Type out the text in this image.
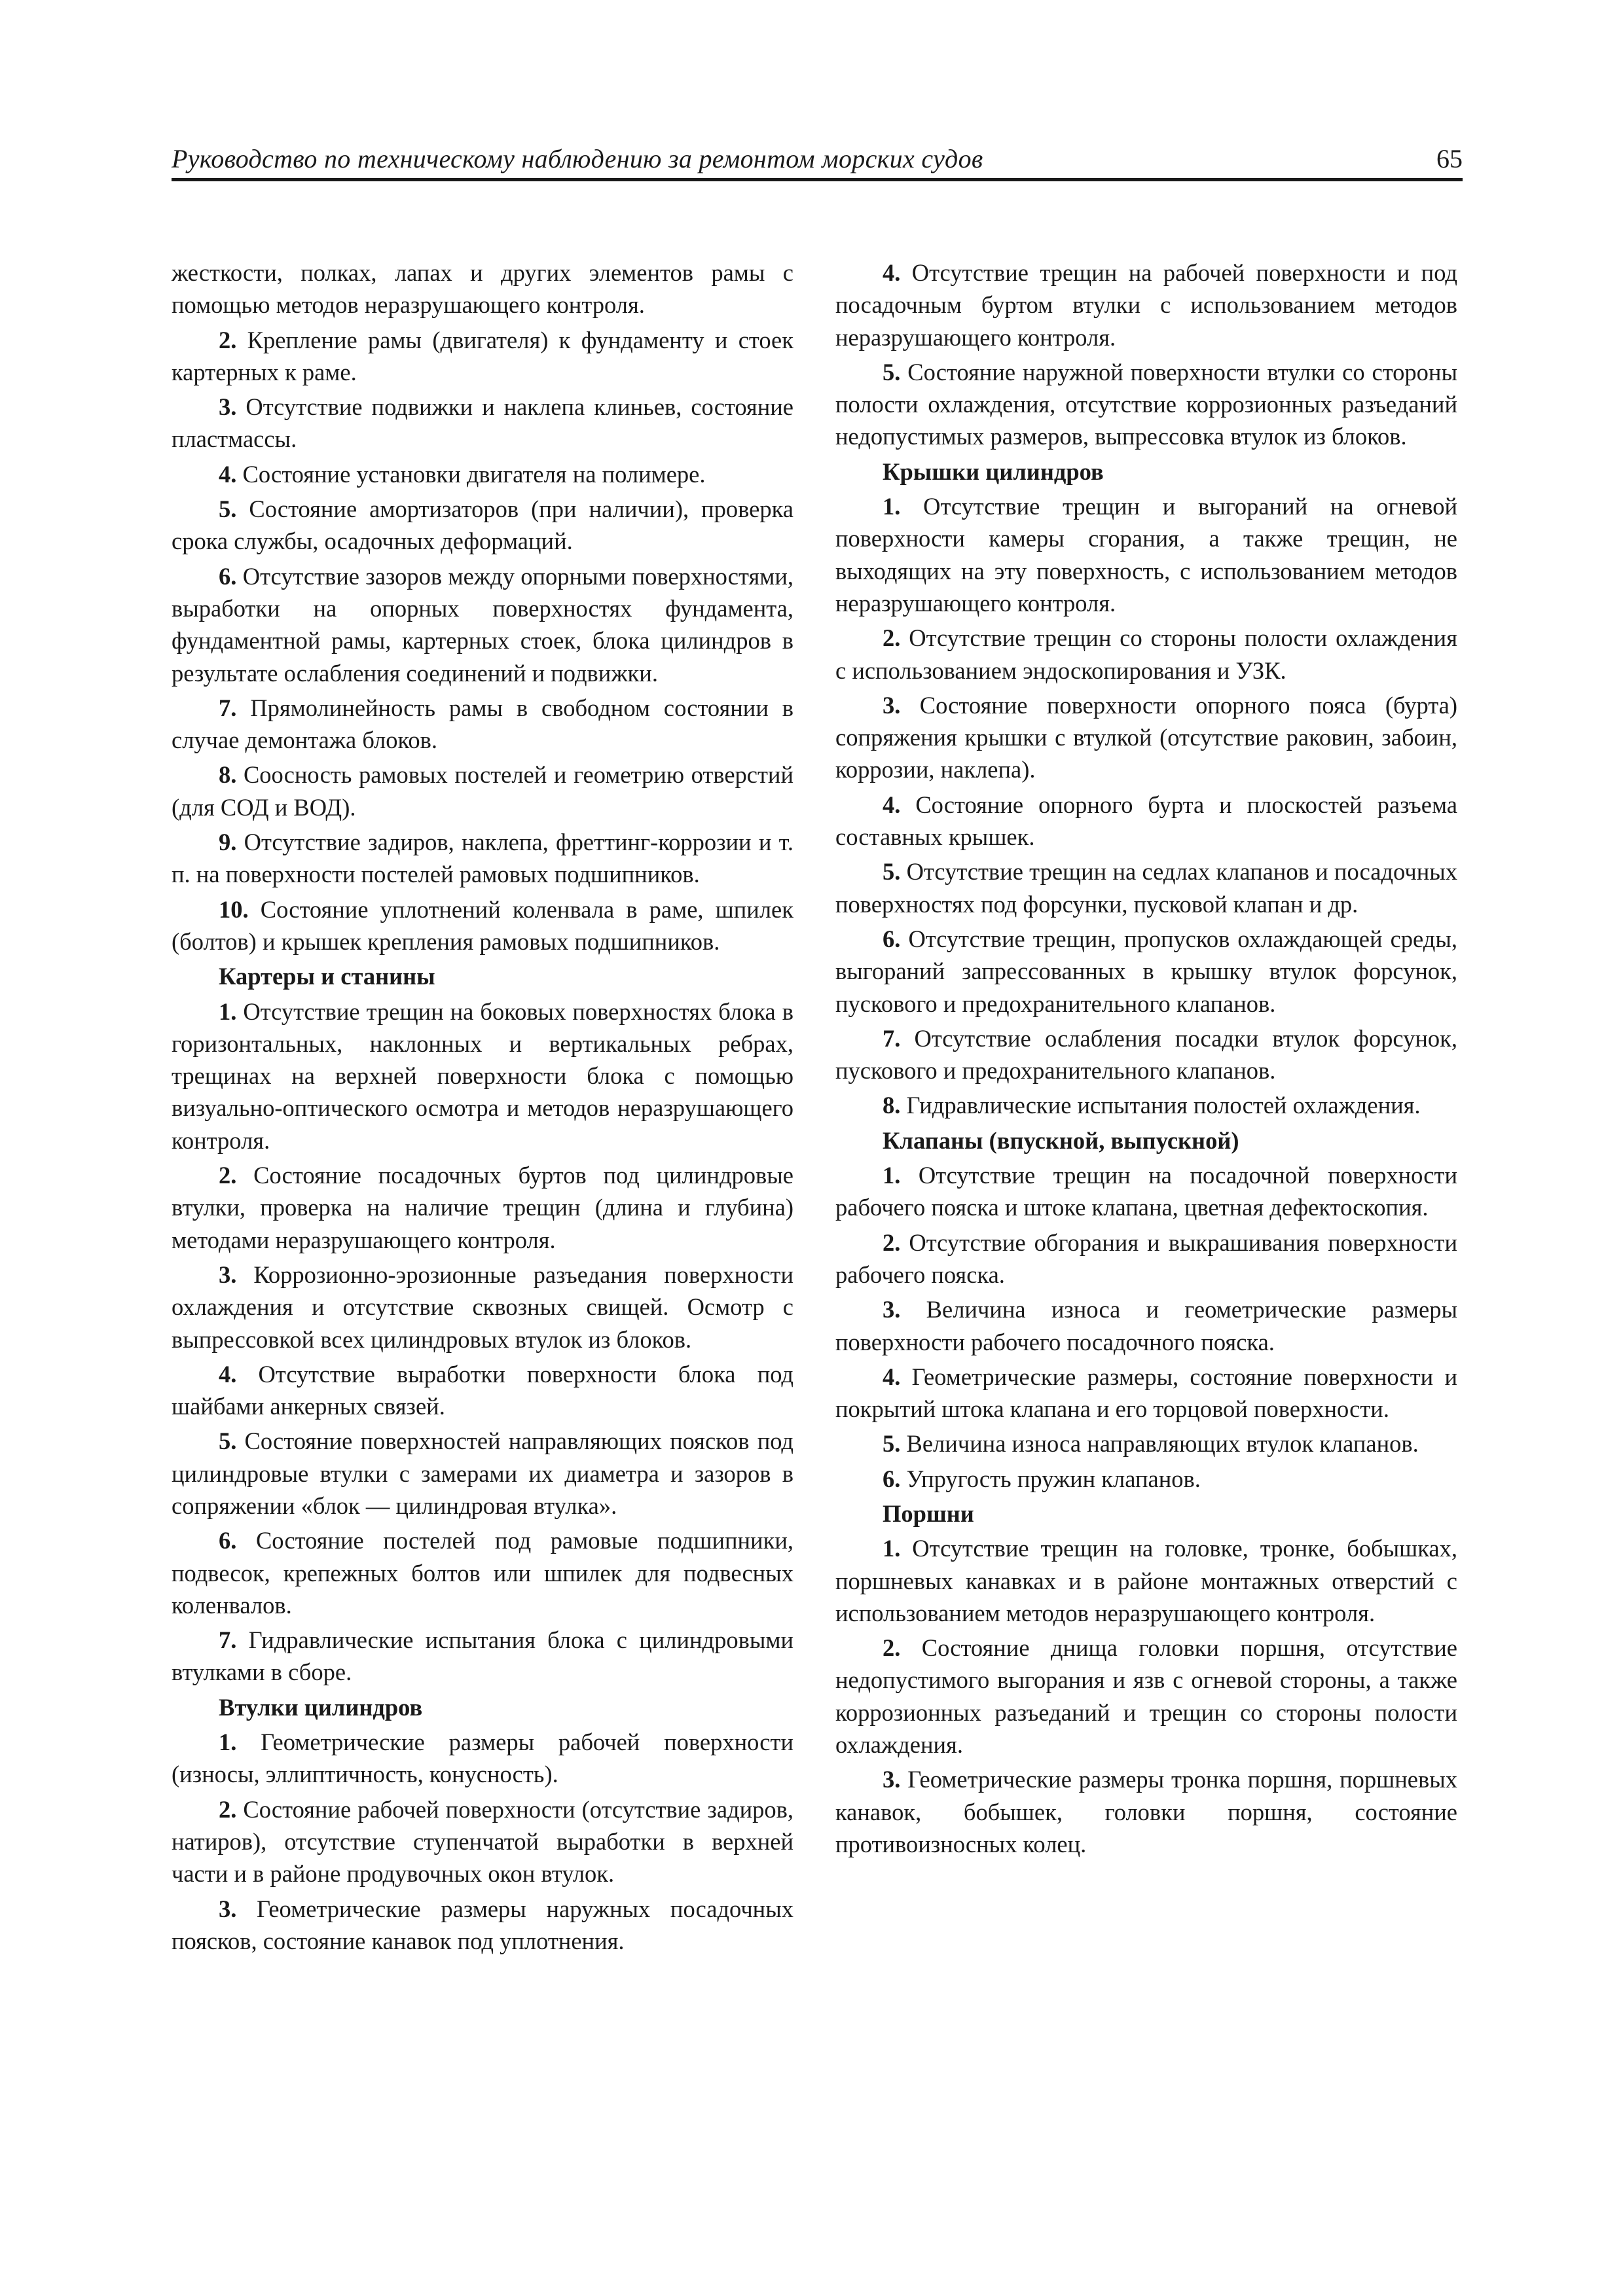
Руководство по техническому наблюдению за ремонтом морских судов	65

жесткости, полках, лапах и других элементов рамы с помощью методов неразрушающего контроля.

2. Крепление рамы (двигателя) к фундаменту и стоек картерных к раме.

3. Отсутствие подвижки и наклепа клиньев, состояние пластмассы.

4. Состояние установки двигателя на полимере.

5. Состояние амортизаторов (при наличии), проверка срока службы, осадочных деформаций.

6. Отсутствие зазоров между опорными поверхностями, выработки на опорных поверхностях фундамента, фундаментной рамы, картерных стоек, блока цилиндров в результате ослабления соединений и подвижки.

7. Прямолинейность рамы в свободном состоянии в случае демонтажа блоков.

8. Соосность рамовых постелей и геометрию отверстий (для СОД и ВОД).

9. Отсутствие задиров, наклепа, фреттинг-коррозии и т. п. на поверхности постелей рамовых подшипников.

10. Состояние уплотнений коленвала в раме, шпилек (болтов) и крышек крепления рамовых подшипников.

Картеры и станины

1. Отсутствие трещин на боковых поверхностях блока в горизонтальных, наклонных и вертикальных ребрах, трещинах на верхней поверхности блока с помощью визуально-оптического осмотра и методов неразрушающего контроля.

2. Состояние посадочных буртов под цилиндровые втулки, проверка на наличие трещин (длина и глубина) методами неразрушающего контроля.

3. Коррозионно-эрозионные разъедания поверхности охлаждения и отсутствие сквозных свищей. Осмотр с выпрессовкой всех цилиндровых втулок из блоков.

4. Отсутствие выработки поверхности блока под шайбами анкерных связей.

5. Состояние поверхностей направляющих поясков под цилиндровые втулки с замерами их диаметра и зазоров в сопряжении «блок — цилиндровая втулка».

6. Состояние постелей под рамовые подшипники, подвесок, крепежных болтов или шпилек для подвесных коленвалов.

7. Гидравлические испытания блока с цилиндровыми втулками в сборе.

Втулки цилиндров

1. Геометрические размеры рабочей поверхности (износы, эллиптичность, конусность).

2. Состояние рабочей поверхности (отсутствие задиров, натиров), отсутствие ступенчатой выработки в верхней части и в районе продувочных окон втулок.

3. Геометрические размеры наружных посадочных поясков, состояние канавок под уплотнения.

4. Отсутствие трещин на рабочей поверхности и под посадочным буртом втулки с использованием методов неразрушающего контроля.

5. Состояние наружной поверхности втулки со стороны полости охлаждения, отсутствие коррозионных разъеданий недопустимых размеров, выпрессовка втулок из блоков.

Крышки цилиндров

1. Отсутствие трещин и выгораний на огневой поверхности камеры сгорания, а также трещин, не выходящих на эту поверхность, с использованием методов неразрушающего контроля.

2. Отсутствие трещин со стороны полости охлаждения с использованием эндоскопирования и УЗК.

3. Состояние поверхности опорного пояса (бурта) сопряжения крышки с втулкой (отсутствие раковин, забоин, коррозии, наклепа).

4. Состояние опорного бурта и плоскостей разъема составных крышек.

5. Отсутствие трещин на седлах клапанов и посадочных поверхностях под форсунки, пусковой клапан и др.

6. Отсутствие трещин, пропусков охлаждающей среды, выгораний запрессованных в крышку втулок форсунок, пускового и предохранительного клапанов.

7. Отсутствие ослабления посадки втулок форсунок, пускового и предохранительного клапанов.

8. Гидравлические испытания полостей охлаждения.

Клапаны (впускной, выпускной)

1. Отсутствие трещин на посадочной поверхности рабочего пояска и штоке клапана, цветная дефектоскопия.

2. Отсутствие обгорания и выкрашивания поверхности рабочего пояска.

3. Величина износа и геометрические размеры поверхности рабочего посадочного пояска.

4. Геометрические размеры, состояние поверхности и покрытий штока клапана и его торцовой поверхности.

5. Величина износа направляющих втулок клапанов.

6. Упругость пружин клапанов.

Поршни

1. Отсутствие трещин на головке, тронке, бобышках, поршневых канавках и в районе монтажных отверстий с использованием методов неразрушающего контроля.

2. Состояние днища головки поршня, отсутствие недопустимого выгорания и язв с огневой стороны, а также коррозионных разъеданий и трещин со стороны полости охлаждения.

3. Геометрические размеры тронка поршня, поршневых канавок, бобышек, головки поршня, состояние противоизносных колец.
